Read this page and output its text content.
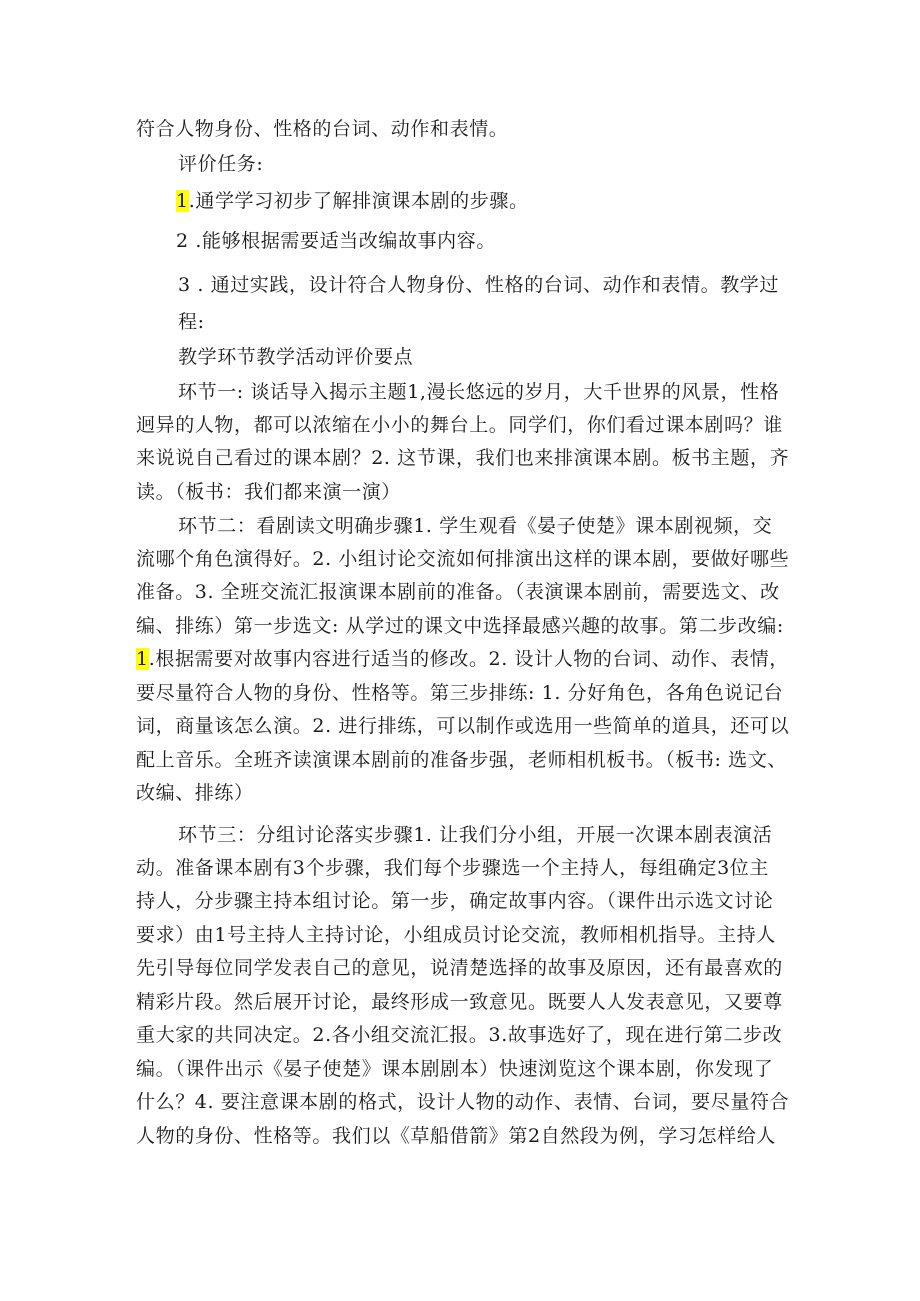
符合人物身份、性格的台词、动作和表情。
评价任务:
1.通学学习初步了解排演课本剧的步骤。
2 .能够根据需要适当改编故事内容。
3 . 通过实践，设计符合人物身份、性格的台词、动作和表情。教学过
程:
教学环节教学活动评价要点
环节一: 谈话导入揭示主题1,漫长悠远的岁月，大千世界的风景，性格
迥异的人物，都可以浓缩在小小的舞台上。同学们，你们看过课本剧吗？谁
来说说自己看过的课本剧？2. 这节课，我们也来排演课本剧。板书主题，齐
读。（板书：我们都来演一演）
环节二：看剧读文明确步骤1. 学生观看《晏子使楚》课本剧视频，交
流哪个角色演得好。2. 小组讨论交流如何排演出这样的课本剧，要做好哪些
准备。3. 全班交流汇报演课本剧前的准备。（表演课本剧前，需要选文、改
编、排练）第一步选文: 从学过的课文中选择最感兴趣的故事。第二步改编:
1.根据需要对故事内容进行适当的修改。2. 设计人物的台词、动作、表情，
要尽量符合人物的身份、性格等。第三步排练: 1. 分好角色，各角色说记台
词，商量该怎么演。2. 进行排练，可以制作或选用一些简单的道具，还可以
配上音乐。全班齐读演课本剧前的准备步强，老师相机板书。（板书: 选文、
改编、排练）
环节三：分组讨论落实步骤1. 让我们分小组，开展一次课本剧表演活
动。准备课本剧有3个步骤，我们每个步骤选一个主持人，每组确定3位主
持人，分步骤主持本组讨论。第一步，确定故事内容。（课件出示选文讨论
要求）由1号主持人主持讨论，小组成员讨论交流，教师相机指导。主持人
先引导每位同学发表自己的意见，说清楚选择的故事及原因，还有最喜欢的
精彩片段。然后展开讨论，最终形成一致意见。既要人人发表意见，又要尊
重大家的共同决定。2.各小组交流汇报。3.故事选好了，现在进行第二步改
编。（课件出示《晏子使楚》课本剧剧本）快速浏览这个课本剧，你发现了
什么？4. 要注意课本剧的格式，设计人物的动作、表情、台词，要尽量符合
人物的身份、性格等。我们以《草船借箭》第2自然段为例，学习怎样给人
